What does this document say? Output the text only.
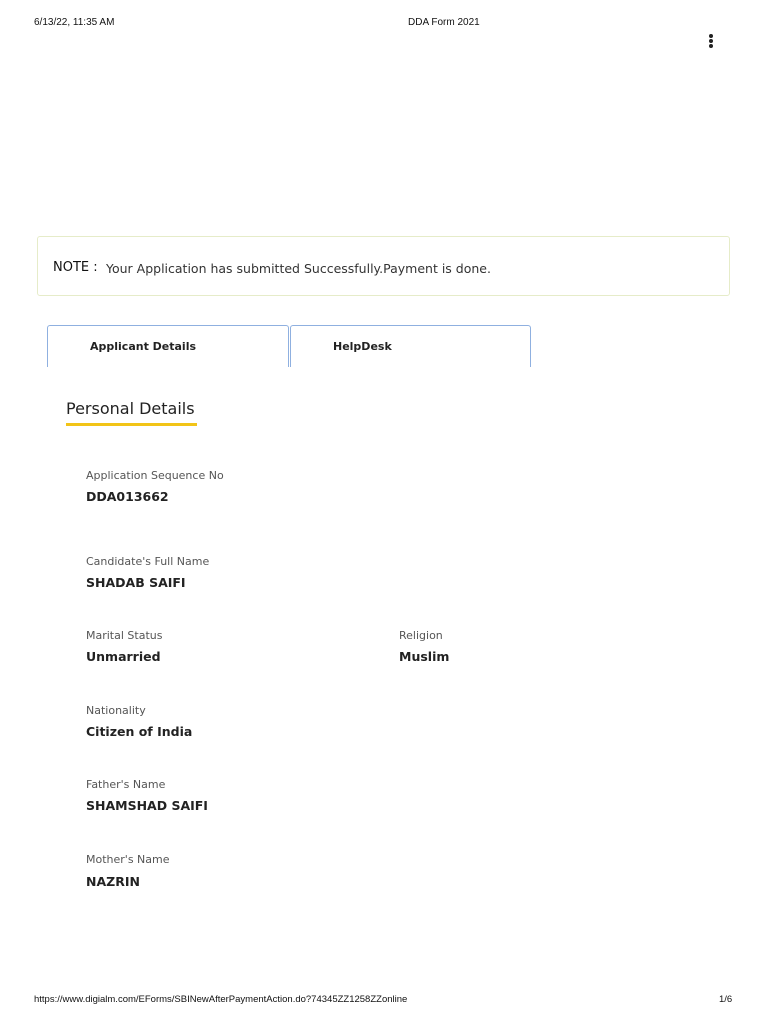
6/13/22, 11:35 AM	DDA Form 2021
NOTE : Your Application has submitted Successfully.Payment is done.
Applicant Details	HelpDesk
Personal Details
Application Sequence No
DDA013662
Candidate's Full Name
SHADAB SAIFI
Marital Status
Unmarried
Religion
Muslim
Nationality
Citizen of India
Father's Name
SHAMSHAD SAIFI
Mother's Name
NAZRIN
https://www.digialm.com/EForms/SBINewAfterPaymentAction.do?74345ZZ1258ZZonline	1/6
